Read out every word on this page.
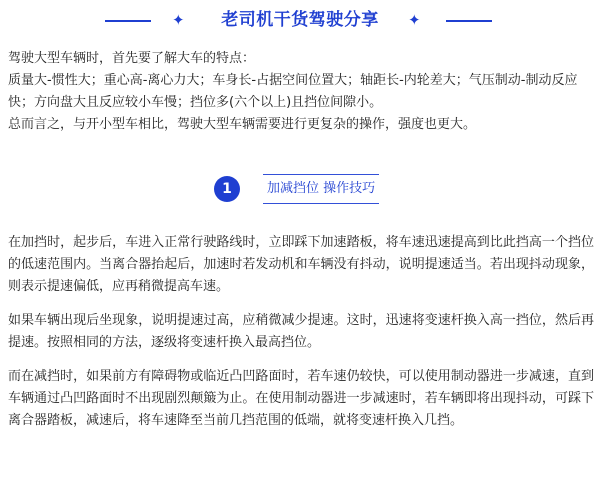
✦	老司机干货驾驶分享	✦

驾驶大型车辆时，首先要了解大车的特点：

质量大-惯性大；重心高-离心力大；车身长-占据空间位置大；轴距长-内轮差大；气压制动-制动反应快；方向盘大且反应较小车慢；挡位多(六个以上)且挡位间隙小。

总而言之，与开小型车相比，驾驶大型车辆需要进行更复杂的操作，强度也更大。

1	加减挡位 操作技巧

在加挡时，起步后，车进入正常行驶路线时，立即踩下加速踏板，将车速迅速提高到比此挡高一个挡位的低速范围内。当离合器抬起后，加速时若发动机和车辆没有抖动，说明提速适当。若出现抖动现象，则表示提速偏低，应再稍微提高车速。

如果车辆出现后坐现象，说明提速过高，应稍微减少提速。这时，迅速将变速杆换入高一挡位，然后再提速。按照相同的方法，逐级将变速杆换入最高挡位。

而在减挡时，如果前方有障碍物或临近凸凹路面时，若车速仍较快，可以使用制动器进一步减速，直到车辆通过凸凹路面时不出现剧烈颠簸为止。在使用制动器进一步减速时，若车辆即将出现抖动，可踩下离合器踏板，减速后，将车速降至当前几挡范围的低端，就将变速杆换入几挡。
